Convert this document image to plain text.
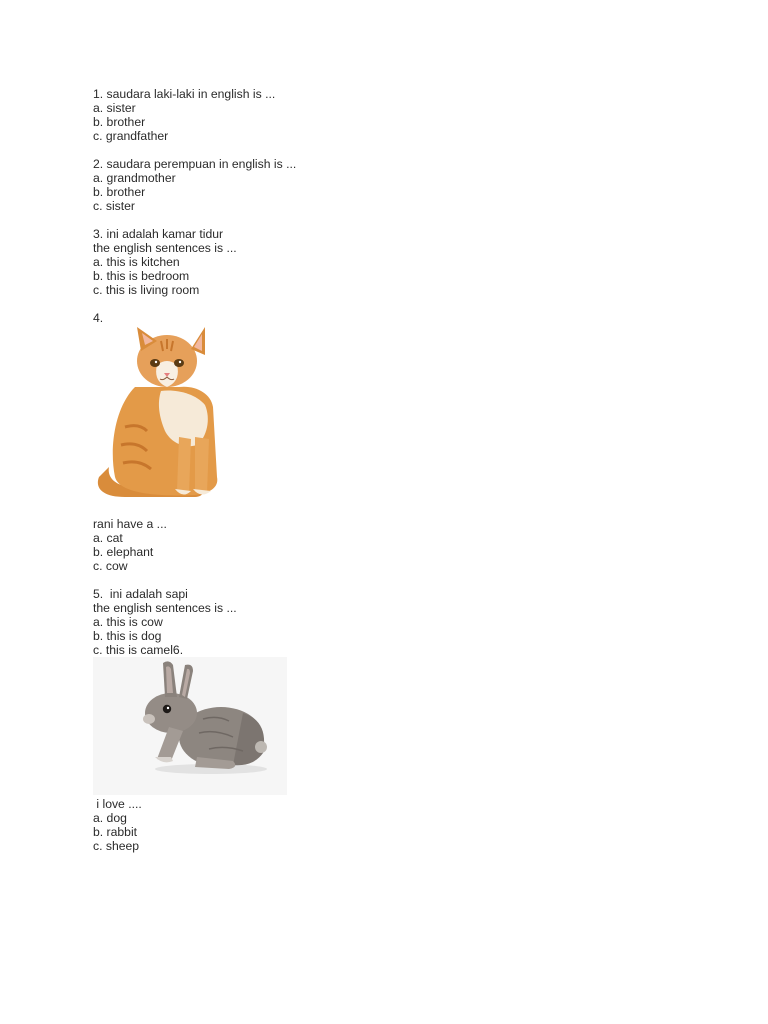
1. saudara laki-laki in english is ...
a. sister
b. brother
c. grandfather
2. saudara perempuan in english is ...
a. grandmother
b. brother
c. sister
3. ini adalah kamar tidur
the english sentences is ...
a. this is kitchen
b. this is bedroom
c. this is living room
4.
rani have a ...
a. cat
b. elephant
c. cow
5.  ini adalah sapi
the english sentences is ...
a. this is cow
b. this is dog
c. this is camel6.
i love ....
a. dog
b. rabbit
c. sheep
